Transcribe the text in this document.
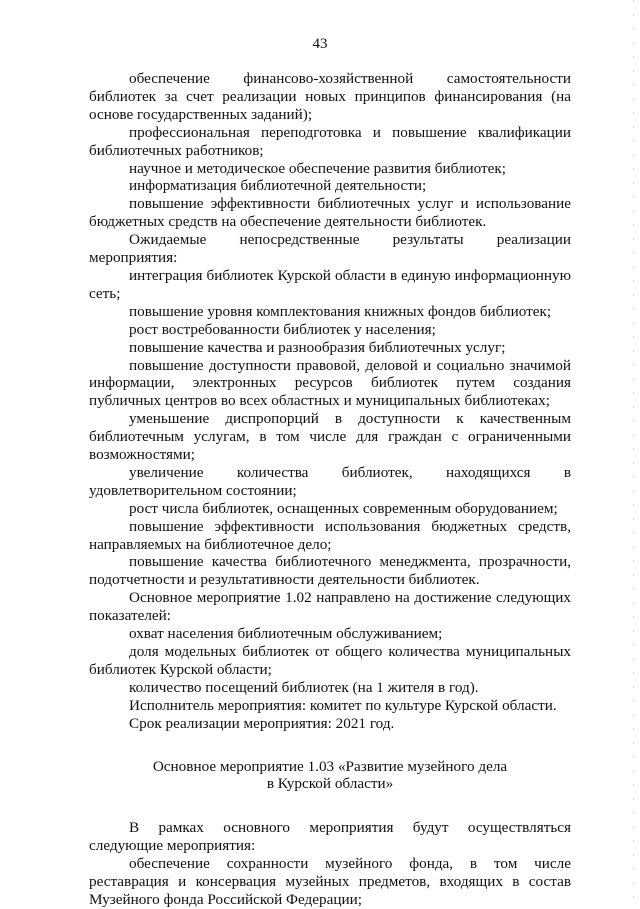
43

обеспечение финансово-хозяйственной самостоятельности библиотек за счет реализации новых принципов финансирования (на основе государственных заданий);

профессиональная переподготовка и повышение квалификации библиотечных работников;

научное и методическое обеспечение развития библиотек;

информатизация библиотечной деятельности;

повышение эффективности библиотечных услуг и использование бюджетных средств на обеспечение деятельности библиотек.

Ожидаемые непосредственные результаты реализации мероприятия:

интеграция библиотек Курской области в единую информационную сеть;

повышение уровня комплектования книжных фондов библиотек;

рост востребованности библиотек у населения;

повышение качества и разнообразия библиотечных услуг;

повышение доступности правовой, деловой и социально значимой информации, электронных ресурсов библиотек путем создания публичных центров во всех областных и муниципальных библиотеках;

уменьшение диспропорций в доступности к качественным библиотечным услугам, в том числе для граждан с ограниченными возможностями;

увеличение количества библиотек, находящихся в удовлетворительном состоянии;

рост числа библиотек, оснащенных современным оборудованием;

повышение эффективности использования бюджетных средств, направляемых на библиотечное дело;

повышение качества библиотечного менеджмента, прозрачности, подотчетности и результативности деятельности библиотек.

Основное мероприятие 1.02 направлено на достижение следующих показателей:

охват населения библиотечным обслуживанием;

доля модельных библиотек от общего количества муниципальных библиотек Курской области;

количество посещений библиотек (на 1 жителя в год).

Исполнитель мероприятия: комитет по культуре Курской области.

Срок реализации мероприятия: 2021 год.

Основное мероприятие 1.03 «Развитие музейного дела

в Курской области»

В рамках основного мероприятия будут осуществляться следующие мероприятия:

обеспечение сохранности музейного фонда, в том числе реставрация и консервация музейных предметов, входящих в состав Музейного фонда Российской Федерации;
